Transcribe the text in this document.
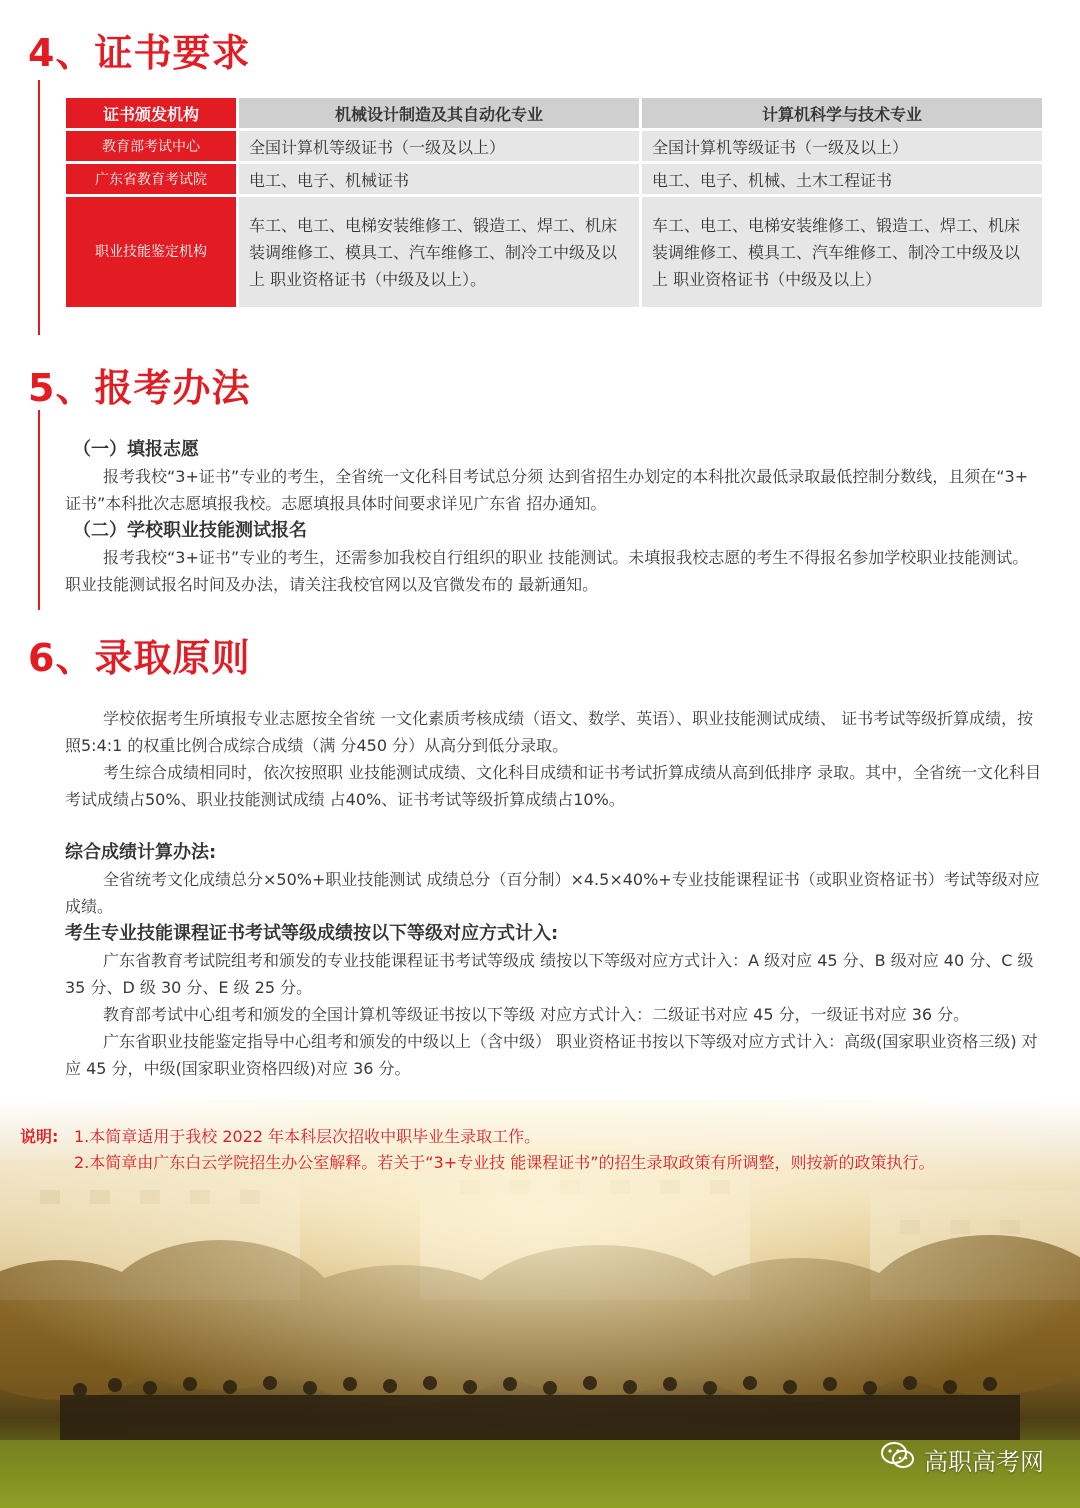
4、证书要求
证书颁发机构	机械设计制造及其自动化专业	计算机科学与技术专业
教育部考试中心	全国计算机等级证书（一级及以上）	全国计算机等级证书（一级及以上）
广东省教育考试院	电工、电子、机械证书	电工、电子、机械、土木工程证书
职业技能鉴定机构	车工、电工、电梯安装维修工、锻造工、焊工、机床装调维修工、模具工、汽车维修工、制冷工中级及以上 职业资格证书（中级及以上）。	车工、电工、电梯安装维修工、锻造工、焊工、机床装调维修工、模具工、汽车维修工、制冷工中级及以上 职业资格证书（中级及以上）
5、报考办法
（一）填报志愿

报考我校“3+证书”专业的考生，全省统一文化科目考试总分须 达到省招生办划定的本科批次最低录取最低控制分数线，且须在“3+ 证书”本科批次志愿填报我校。志愿填报具体时间要求详见广东省 招办通知。

（二）学校职业技能测试报名

报考我校“3+证书”专业的考生，还需参加我校自行组织的职业 技能测试。未填报我校志愿的考生不得报名参加学校职业技能测试。 职业技能测试报名时间及办法，请关注我校官网以及官微发布的 最新通知。

6、录取原则

学校依据考生所填报专业志愿按全省统 一文化素质考核成绩（语文、数学、英语）、职业技能测试成绩、 证书考试等级折算成绩，按照5:4:1 的权重比例合成综合成绩（满 分450 分）从高分到低分录取。

考生综合成绩相同时，依次按照职 业技能测试成绩、文化科目成绩和证书考试折算成绩从高到低排序 录取。其中，全省统一文化科目考试成绩占50%、职业技能测试成绩 占40%、证书考试等级折算成绩占10%。

综合成绩计算办法:

全省统考文化成绩总分×50%+职业技能测试 成绩总分（百分制）×4.5×40%+专业技能课程证书（或职业资格证书）考试等级对应成绩。

考生专业技能课程证书考试等级成绩按以下等级对应方式计入:

广东省教育考试院组考和颁发的专业技能课程证书考试等级成 绩按以下等级对应方式计入：A 级对应 45 分、B 级对应 40 分、C 级 35 分、D 级 30 分、E 级 25 分。

教育部考试中心组考和颁发的全国计算机等级证书按以下等级 对应方式计入：二级证书对应 45 分，一级证书对应 36 分。

广东省职业技能鉴定指导中心组考和颁发的中级以上（含中级） 职业资格证书按以下等级对应方式计入：高级(国家职业资格三级) 对应 45 分，中级(国家职业资格四级)对应 36 分。

说明: 1.本简章适用于我校 2022 年本科层次招收中职毕业生录取工作。
2.本简章由广东白云学院招生办公室解释。若关于“3+专业技 能课程证书”的招生录取政策有所调整，则按新的政策执行。
高职高考网
